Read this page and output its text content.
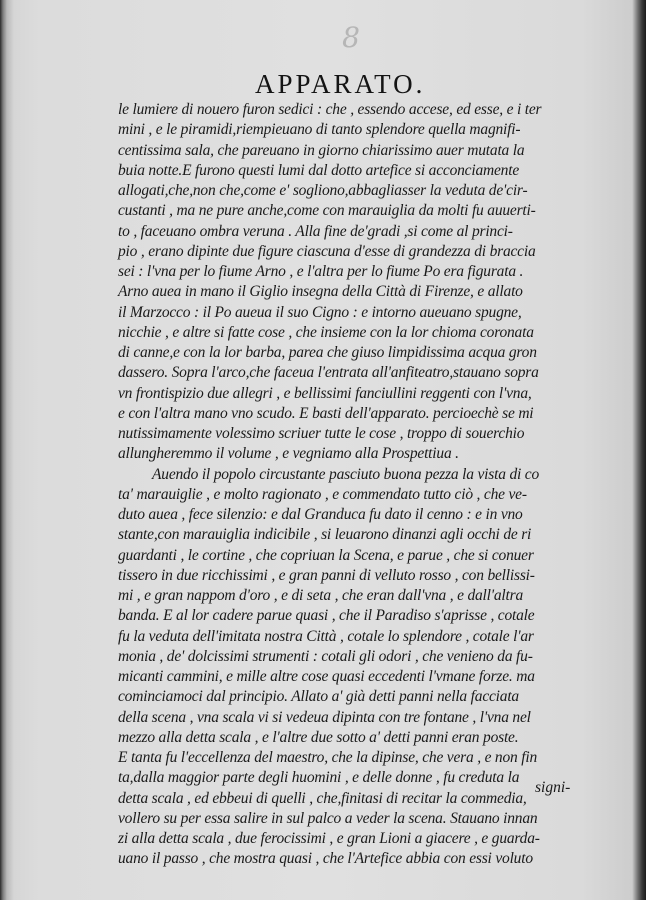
8
APPARATO.
le lumiere di nouero furon sedici : che , essendo accese, ed esse, e i ter
mini , e le piramidi,riempieuano di tanto splendore quella magnifi-
centissima sala, che pareuano in giorno chiarissimo auer mutata la
buia notte.E furono questi lumi dal dotto artefice si acconciamente
allogati,che,non che,come e' sogliono,abbagliasser la veduta de'cir-
custanti , ma ne pure anche,come con marauiglia da molti fu auuerti-
to , faceuano ombra veruna . Alla fine de'gradi ,si come al princi-
pio , erano dipinte due figure ciascuna d'esse di grandezza di braccia
sei : l'vna per lo fiume Arno , e l'altra per lo fiume Po era figurata .
Arno auea in mano il Giglio insegna della Città di Firenze, e allato
il Marzocco : il Po aueua il suo Cigno : e intorno aueuano spugne,
nicchie , e altre si fatte cose , che insieme con la lor chioma coronata
di canne,e con la lor barba, parea che giuso limpidissima acqua gron
dassero. Sopra l'arco,che faceua l'entrata all'anfiteatro,stauano sopra
vn frontispizio due allegri , e bellissimi fanciullini reggenti con l'vna,
e con l'altra mano vno scudo. E basti dell'apparato. percioechè se mi
nutissimamente volessimo scriuer tutte le cose , troppo di souerchio
allungheremmo il volume , e vegniamo alla Prospettiua .
Auendo il popolo circustante pasciuto buona pezza la vista di co
ta' marauiglie , e molto ragionato , e commendato tutto ciò , che ve-
duto auea , fece silenzio: e dal Granduca fu dato il cenno : e in vno
stante,con marauiglia indicibile , si leuarono dinanzi agli occhi de ri
guardanti , le cortine , che copriuan la Scena, e parue , che si conuer
tissero in due ricchissimi , e gran panni di velluto rosso , con bellissi-
mi , e gran nappom d'oro , e di seta , che eran dall'vna , e dall'altra
banda. E al lor cadere parue quasi , che il Paradiso s'aprisse , cotale
fu la veduta dell'imitata nostra Città , cotale lo splendore , cotale l'ar
monia , de' dolcissimi strumenti : cotali gli odori , che venieno da fu-
micanti cammini, e mille altre cose quasi eccedenti l'vmane forze. ma
cominciamoci dal principio. Allato a' già detti panni nella facciata
della scena , vna scala vi si vedeua dipinta con tre fontane , l'vna nel
mezzo alla detta scala , e l'altre due sotto a' detti panni eran poste.
E tanta fu l'eccellenza del maestro, che la dipinse, che vera , e non fin
ta,dalla maggior parte degli huomini , e delle donne , fu creduta la
detta scala , ed ebbeui di quelli , che,finitasi di recitar la commedia,
vollero su per essa salire in sul palco a veder la scena. Stauano innan
zi alla detta scala , due ferocissimi , e gran Lioni a giacere , e guarda-
uano il passo , che mostra quasi , che l'Artefice abbia con essi voluto
signi-
